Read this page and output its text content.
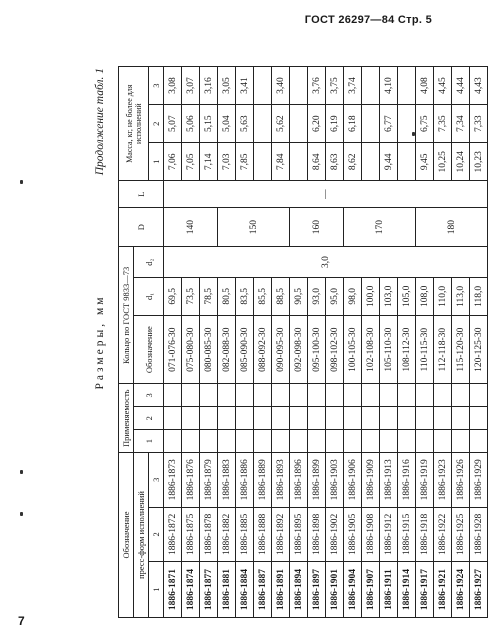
ГОСТ 26297—84 Стр. 5
Продолжение табл. 1
Размеры, мм
Обозначение			Применяемость			Кольцо по ГОСТ 9833—73			D	L	Масса, кг, не более для исполнений		
пресс-форм исполнений			1	2	3	Обозначение	d₁	d₂					
1	2	3									1	2	3
1886-1871	1886-1872	1886-1873				071-076-30	69,5	3,0	140	—	7,06	5,07	3,08
1886-1874	1886-1875	1886-1876				075-080-30	73,5				7,05	5,06	3,07
1886-1877	1886-1878	1886-1879				080-085-30	78,5				7,14	5,15	3,16
1886-1881	1886-1882	1886-1883				082-088-30	80,5		150		7,03	5,04	3,05
1886-1884	1886-1885	1886-1886				085-090-30	83,5				7,85	5,63	3,41
1886-1887	1886-1888	1886-1889				088-092-30	85,5						
1886-1891	1886-1892	1886-1893				090-095-30	88,5				7,84	5,62	3,40
1886-1894	1886-1895	1886-1896				092-098-30	90,5		160				
1886-1897	1886-1898	1886-1899				095-100-30	93,0				8,64	6,20	3,76
1886-1901	1886-1902	1886-1903				098-102-30	95,0				8,63	6,19	3,75
1886-1904	1886-1905	1886-1906				100-105-30	98,0		170		8,62	6,18	3,74
1886-1907	1886-1908	1886-1909				102-108-30	100,0						
1886-1911	1886-1912	1886-1913				105-110-30	103,0				9,44	6,77	4,10
1886-1914	1886-1915	1886-1916				108-112-30	105,0						
1886-1917	1886-1918	1886-1919				110-115-30	108,0		180		9,45	6,75	4,08
1886-1921	1886-1922	1886-1923				112-118-30	110,0				10,25	7,35	4,45
1886-1924	1886-1925	1886-1926				115-120-30	113,0				10,24	7,34	4,44
1886-1927	1886-1928	1886-1929				120-125-30	118,0				10,23	7,33	4,43
7
